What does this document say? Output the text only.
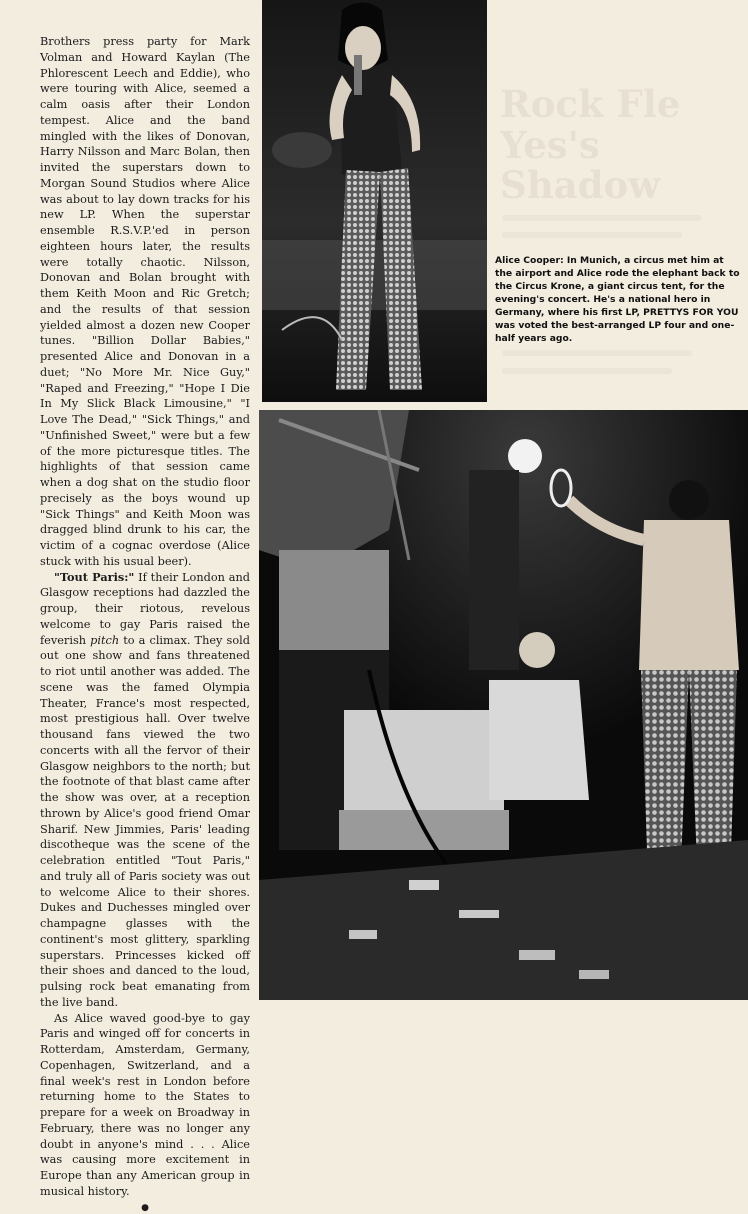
Brothers press party for Mark Volman and Howard Kaylan (The Phlorescent Leech and Eddie), who were touring with Alice, seemed a calm oasis after their London tempest. Alice and the band mingled with the likes of Donovan, Harry Nilsson and Marc Bolan, then invited the superstars down to Morgan Sound Studios where Alice was about to lay down tracks for his new LP. When the superstar ensemble R.S.V.P.'ed in person eighteen hours later, the results were totally chaotic. Nilsson, Donovan and Bolan brought with them Keith Moon and Ric Gretch; and the results of that session yielded almost a dozen new Cooper tunes. "Billion Dollar Babies," presented Alice and Donovan in a duet; "No More Mr. Nice Guy," "Raped and Freezing," "Hope I Die In My Slick Black Limousine," "I Love The Dead," "Sick Things," and "Unfinished Sweet," were but a few of the more picturesque titles. The highlights of that session came when a dog shat on the studio floor precisely as the boys wound up "Sick Things" and Keith Moon was dragged blind drunk to his car, the victim of a cognac overdose (Alice stuck with his usual beer).

"Tout Paris:" If their London and Glasgow receptions had dazzled the group, their riotous, revelous welcome to gay Paris raised the feverish pitch to a climax. They sold out one show and fans threatened to riot until another was added. The scene was the famed Olympia Theater, France's most respected, most prestigious hall. Over twelve thousand fans viewed the two concerts with all the fervor of their Glasgow neighbors to the north; but the footnote of that blast came after the show was over, at a reception thrown by Alice's good friend Omar Sharif. New Jimmies, Paris' leading discotheque was the scene of the celebration entitled "Tout Paris," and truly all of Paris society was out to welcome Alice to their shores. Dukes and Duchesses mingled over champagne glasses with the continent's most glittery, sparkling superstars. Princesses kicked off their shoes and danced to the loud, pulsing rock beat emanating from the live band.

As Alice waved good-bye to gay Paris and winged off for concerts in Rotterdam, Amsterdam, Germany, Copenhagen, Switzerland, and a final week's rest in London before returning home to the States to prepare for a week on Broadway in February, there was no longer any doubt in anyone's mind . . . Alice was causing more excitement in Europe than any American group in musical history.

●
Rock Fle
Yes's
Shadow
Alice Cooper: In Munich, a circus met him at the airport and Alice rode the elephant back to the Circus Krone, a giant circus tent, for the evening's concert. He's a national hero in Germany, where his first LP, PRETTYS FOR YOU was voted the best-arranged LP four and one-half years ago.
